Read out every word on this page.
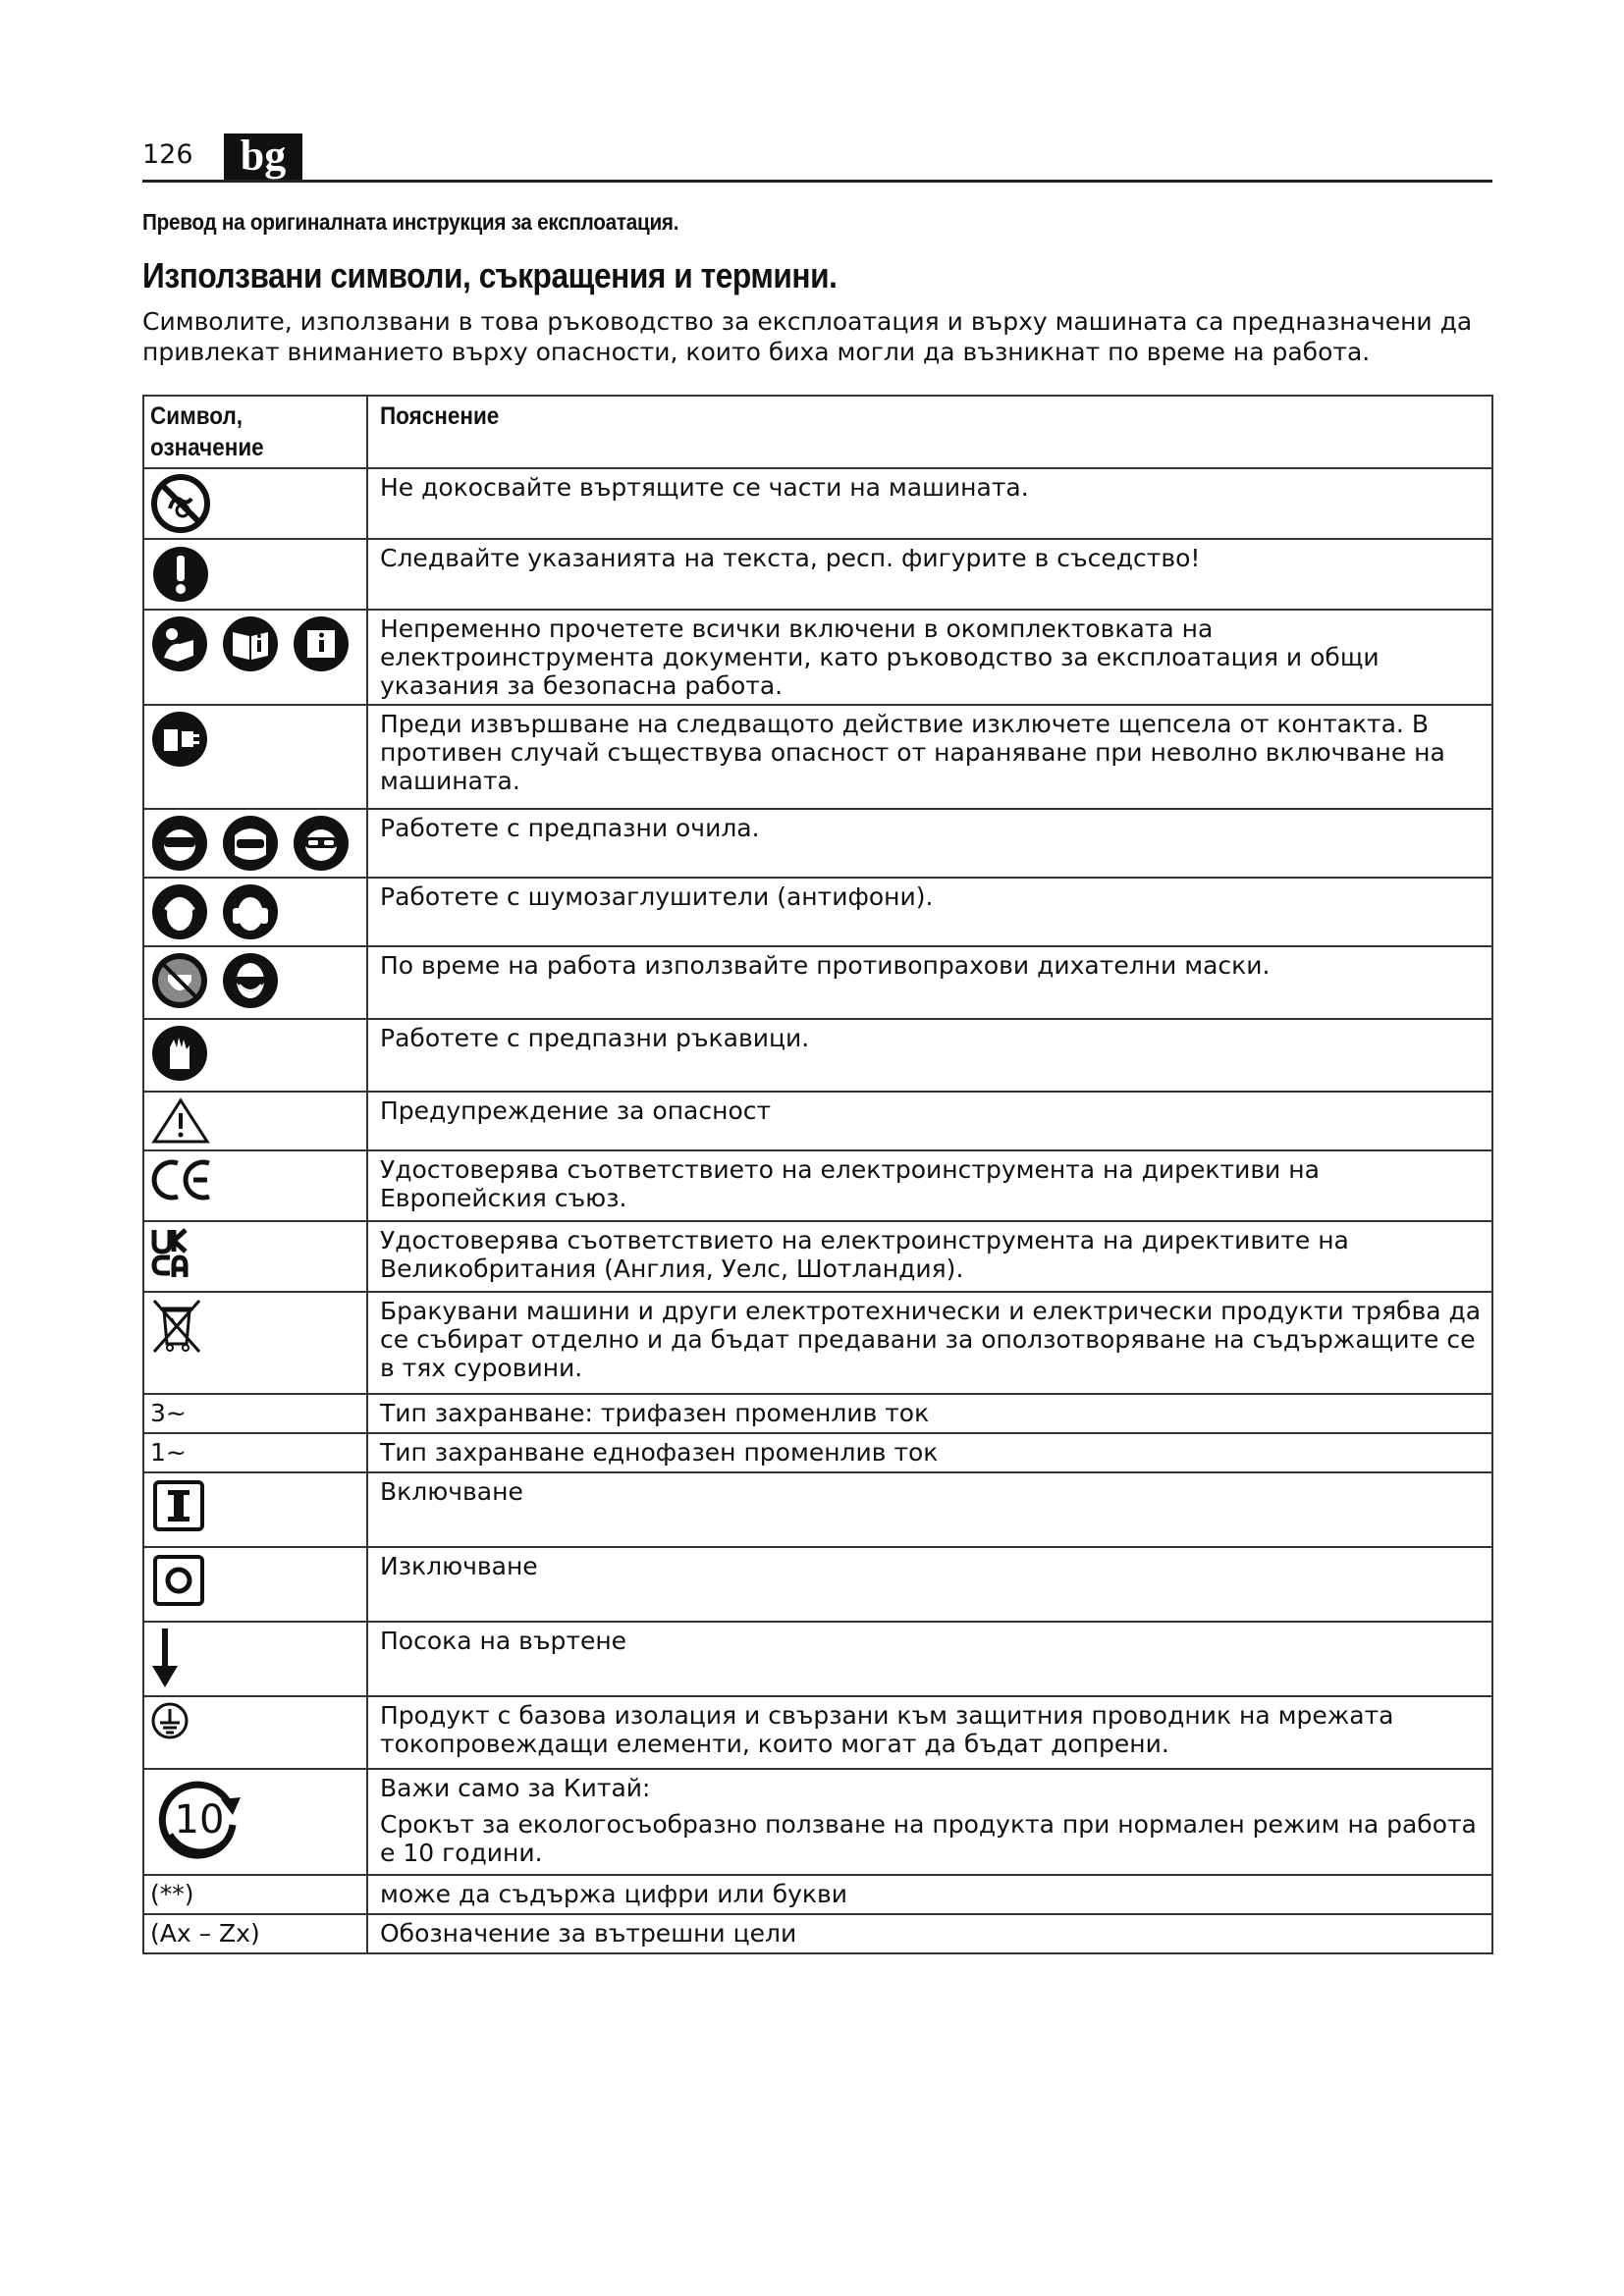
126	bg
Превод на оригиналната инструкция за експлоатация.
Използвани символи, съкращения и термини.
Символите, използвани в това ръководство за експлоатация и върху машината са предназначени да привлекат вниманието върху опасности, които биха могли да възникнат по време на работа.
Символ, означение	Пояснение

	Не докосвайте въртящите се части на машината.

	Следвайте указанията на текста, респ. фигурите в съседство!

	Непременно прочетете всички включени в окомплектовката на електроинструмента документи, като ръководство за експлоатация и общи указания за безопасна работа.

	Преди извършване на следващото действие изключете щепсела от контакта. В противен случай съществува опасност от нараняване при неволно включване на машината.

	Работете с предпазни очила.

	Работете с шумозаглушители (антифони).

	По време на работа използвайте противопрахови дихателни маски.

	Работете с предпазни ръкавици.

	Предупреждение за опасност

	Удостоверява съответствието на електроинструмента на директиви на Европейския съюз.

	Удостоверява съответствието на електроинструмента на директивите на Великобритания (Англия, Уелс, Шотландия).

	Бракувани машини и други електротехнически и електрически продукти трябва да се събират отделно и да бъдат предавани за оползотворяване на съдържащите се в тях суровини.
3~	Тип захранване: трифазен променлив ток
1~	Тип захранване еднофазен променлив ток

	Включване

	Изключване

	Посока на въртене

	Продукт с базова изолация и свързани към защитния проводник на мрежата токопровеждащи елементи, които могат да бъдат допрени.

10	Важи само за Китай:
Срокът за екологосъобразно ползване на продукта при нормален режим на работа е 10 години.

(**)	може да съдържа цифри или букви
(Ax – Zx)	Обозначение за вътрешни цели
